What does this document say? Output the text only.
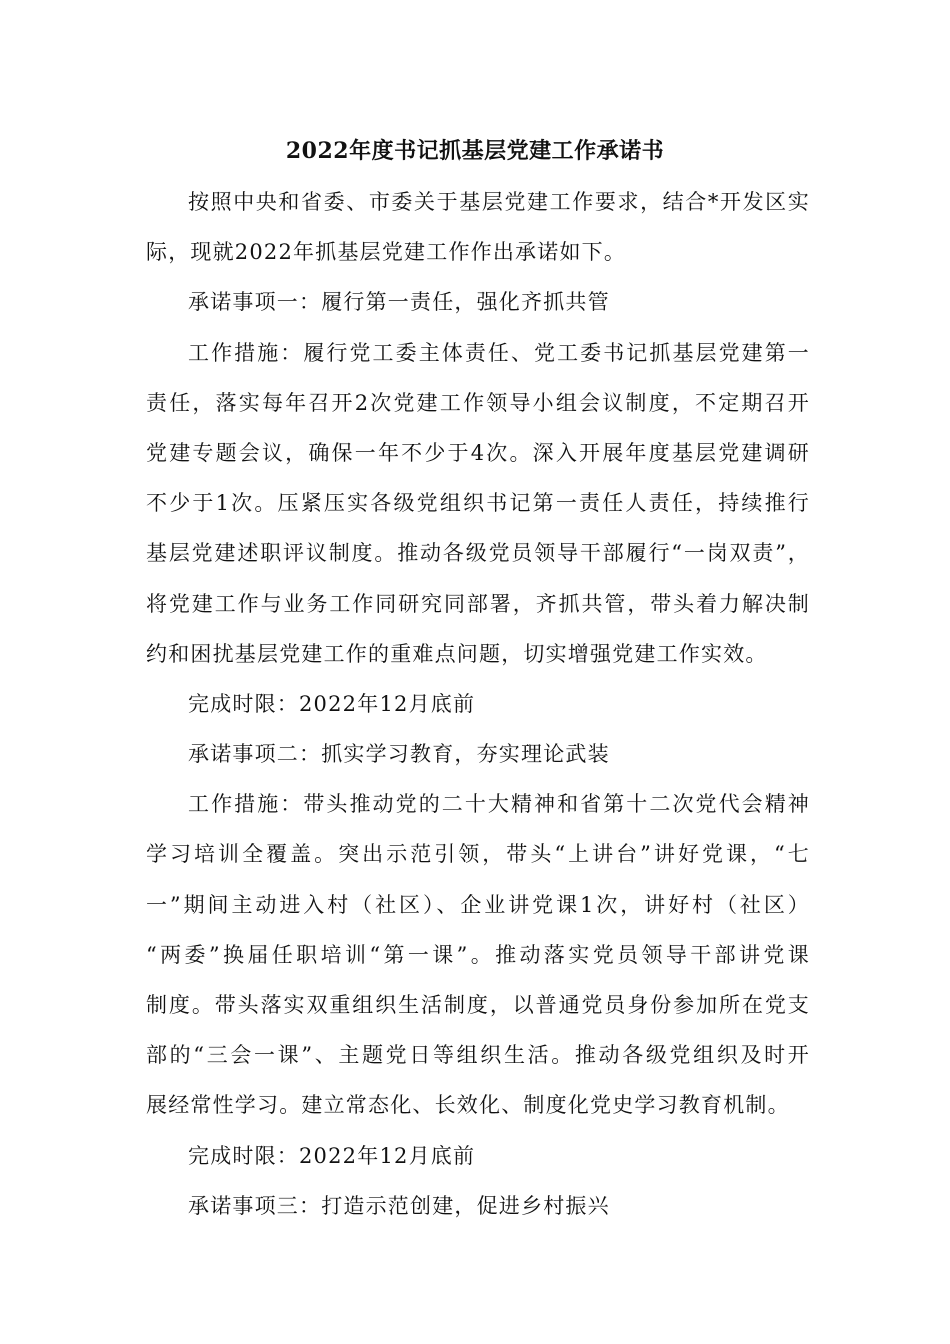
2022年度书记抓基层党建工作承诺书
按照中央和省委、市委关于基层党建工作要求，结合*开发区实
际，现就2022年抓基层党建工作作出承诺如下。
承诺事项一：履行第一责任，强化齐抓共管
工作措施：履行党工委主体责任、党工委书记抓基层党建第一
责任，落实每年召开2次党建工作领导小组会议制度，不定期召开
党建专题会议，确保一年不少于4次。深入开展年度基层党建调研
不少于1次。压紧压实各级党组织书记第一责任人责任，持续推行
基层党建述职评议制度。推动各级党员领导干部履行“一岗双责”，
将党建工作与业务工作同研究同部署，齐抓共管，带头着力解决制
约和困扰基层党建工作的重难点问题，切实增强党建工作实效。
完成时限：2022年12月底前
承诺事项二：抓实学习教育，夯实理论武装
工作措施：带头推动党的二十大精神和省第十二次党代会精神
学习培训全覆盖。突出示范引领，带头“上讲台”讲好党课，“七
一”期间主动进入村（社区）、企业讲党课1次，讲好村（社区）
“两委”换届任职培训“第一课”。推动落实党员领导干部讲党课
制度。带头落实双重组织生活制度，以普通党员身份参加所在党支
部的“三会一课”、主题党日等组织生活。推动各级党组织及时开
展经常性学习。建立常态化、长效化、制度化党史学习教育机制。
完成时限：2022年12月底前
承诺事项三：打造示范创建，促进乡村振兴
